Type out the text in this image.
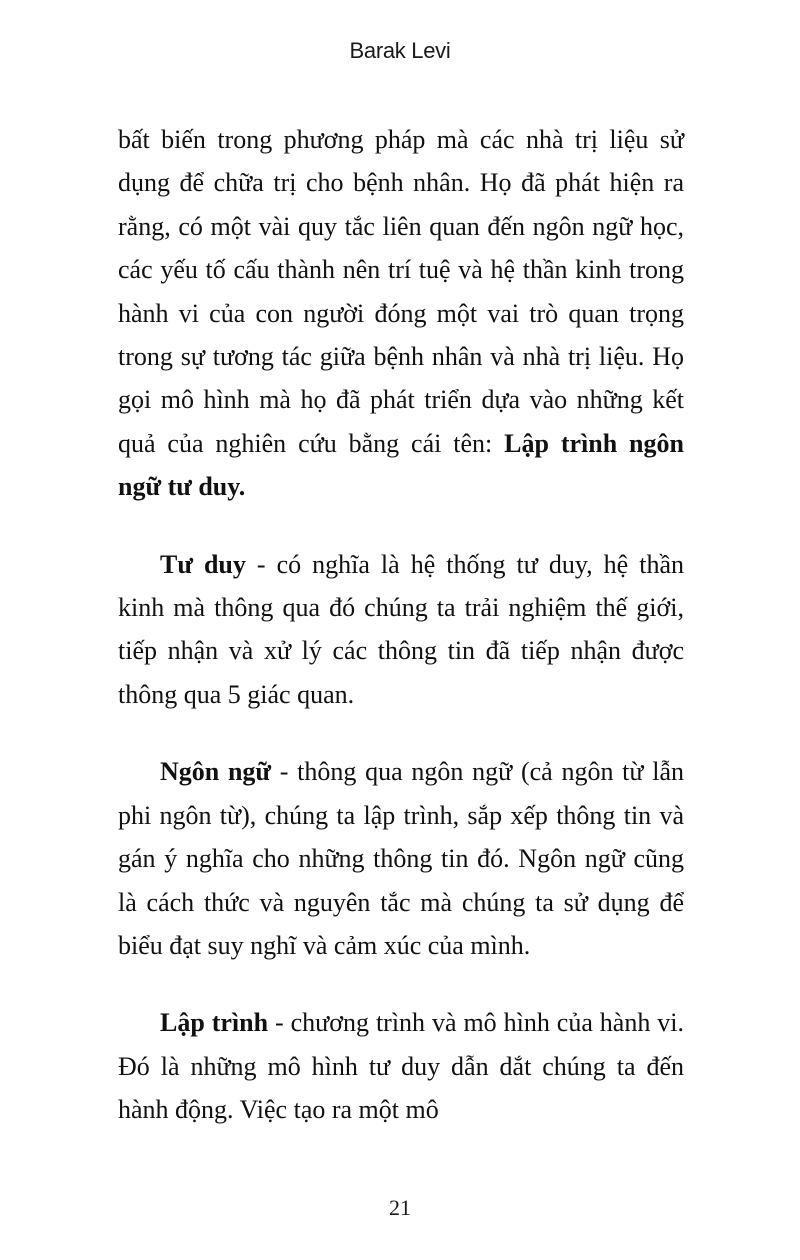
Barak Levi

bất biến trong phương pháp mà các nhà trị liệu sử dụng để chữa trị cho bệnh nhân. Họ đã phát hiện ra rằng, có một vài quy tắc liên quan đến ngôn ngữ học, các yếu tố cấu thành nên trí tuệ và hệ thần kinh trong hành vi của con người đóng một vai trò quan trọng trong sự tương tác giữa bệnh nhân và nhà trị liệu. Họ gọi mô hình mà họ đã phát triển dựa vào những kết quả của nghiên cứu bằng cái tên: Lập trình ngôn ngữ tư duy.

Tư duy - có nghĩa là hệ thống tư duy, hệ thần kinh mà thông qua đó chúng ta trải nghiệm thế giới, tiếp nhận và xử lý các thông tin đã tiếp nhận được thông qua 5 giác quan.

Ngôn ngữ - thông qua ngôn ngữ (cả ngôn từ lẫn phi ngôn từ), chúng ta lập trình, sắp xếp thông tin và gán ý nghĩa cho những thông tin đó. Ngôn ngữ cũng là cách thức và nguyên tắc mà chúng ta sử dụng để biểu đạt suy nghĩ và cảm xúc của mình.

Lập trình - chương trình và mô hình của hành vi. Đó là những mô hình tư duy dẫn dắt chúng ta đến hành động. Việc tạo ra một mô

21
